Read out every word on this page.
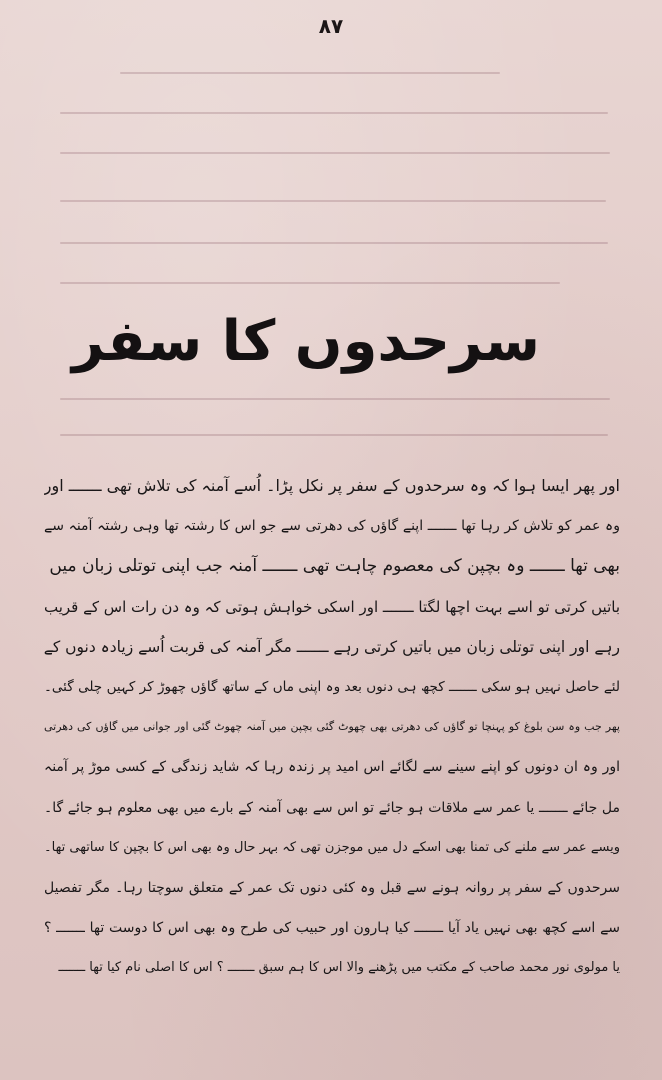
۸۷
سرحدوں کا سفر
اور پھر ایسا ہوا کہ وہ سرحدوں کے سفر پر نکل پڑا۔ اُسے آمنہ کی تلاش تھی ـــــــ اور
وہ عمر کو تلاش کر رہا تھا ـــــــ اپنے گاؤں کی دھرتی سے جو اس کا رشتہ تھا وہی رشتہ آمنہ سے
بھی تھا ـــــــ وہ بچپن کی معصوم چاہت تھی ـــــــ آمنہ جب اپنی توتلی زبان میں
باتیں کرتی تو اسے بہت اچھا لگتا ـــــــ اور اسکی خواہش ہوتی کہ وہ دن رات اس کے قریب
رہے اور اپنی توتلی زبان میں باتیں کرتی رہے ـــــــ مگر آمنہ کی قربت اُسے زیادہ دنوں کے
لئے حاصل نہیں ہو سکی ـــــــ کچھ ہی دنوں بعد وہ اپنی ماں کے ساتھ گاؤں چھوڑ کر کہیں چلی گئی۔
پھر جب وہ سن بلوغ کو پہنچا تو گاؤں کی دھرتی بھی چھوٹ گئی بچپن میں آمنہ چھوٹ گئی اور جوانی میں گاؤں کی دھرتی
اور وہ ان دونوں کو اپنے سینے سے لگائے اس امید پر زندہ رہا کہ شاید زندگی کے کسی موڑ پر آمنہ
مل جائے ـــــــ یا عمر سے ملاقات ہو جائے تو اس سے بھی آمنہ کے بارے میں بھی معلوم ہو جائے گا۔
ویسے عمر سے ملنے کی تمنا بھی اسکے دل میں موجزن تھی کہ بہر حال وہ بھی اس کا بچپن کا ساتھی تھا۔
سرحدوں کے سفر پر روانہ ہونے سے قبل وہ کئی دنوں تک عمر کے متعلق سوچتا رہا۔ مگر تفصیل
سے اسے کچھ بھی نہیں یاد آیا ـــــــ کیا ہارون اور حبیب کی طرح وہ بھی اس کا دوست تھا ـــــــ ؟
یا مولوی نور محمد صاحب کے مکتب میں پڑھنے والا اس کا ہم سبق ـــــــ ؟ اس کا اصلی نام کیا تھا ـــــــ
